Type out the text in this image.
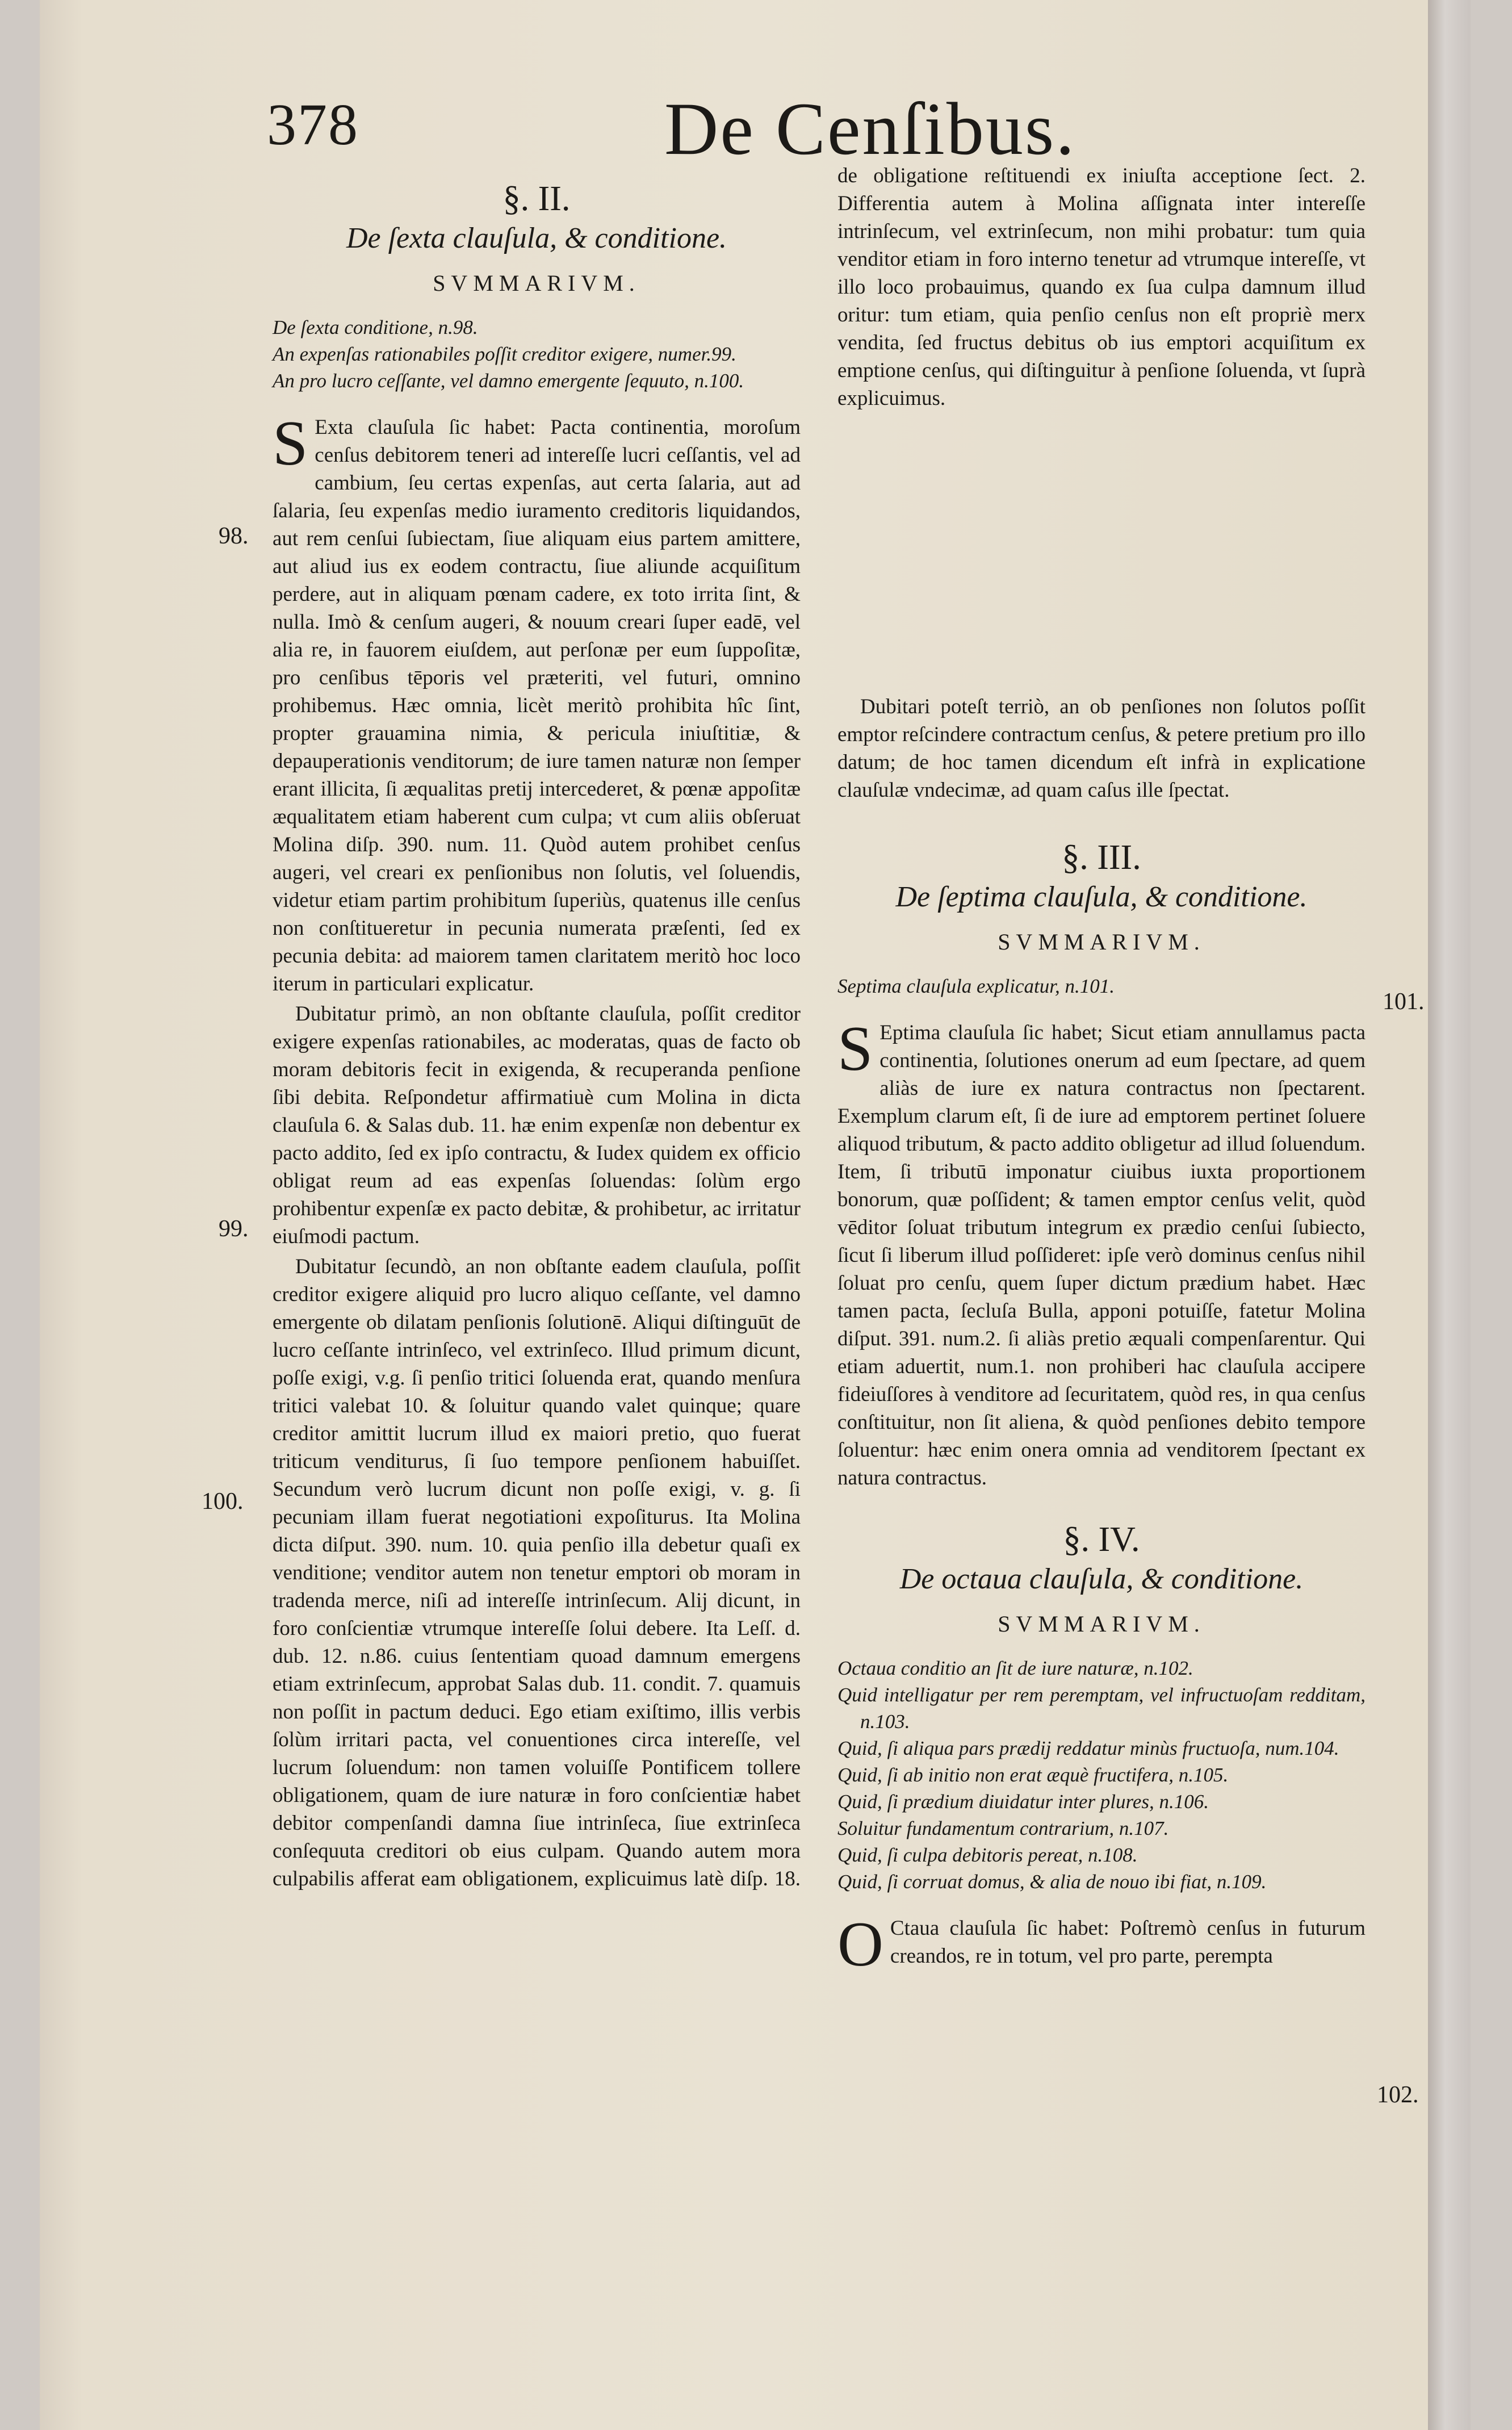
378	De Cenſibus.
98.
99.
100.
101.
102.
§. II.
De ſexta clauſula, & conditione.
SVMMARIVM.
De ſexta conditione, n.98.
An expenſas rationabiles poſſit creditor exigere, numer.99.
An pro lucro ceſſante, vel damno emergente ſequuto, n.100.

S Exta clauſula ſic habet: Pacta continentia, moroſum cenſus debitorem teneri ad intereſſe lucri ceſſantis, vel ad cambium, ſeu certas expenſas, aut certa ſalaria, aut ad ſalaria, ſeu expenſas medio iuramento creditoris liquidandos, aut rem cenſui ſubiectam, ſiue aliquam eius partem amittere, aut aliud ius ex eodem contractu, ſiue aliunde acquiſitum perdere, aut in aliquam pœnam cadere, ex toto irrita ſint, & nulla. Imò & cenſum augeri, & nouum creari ſuper eadē, vel alia re, in fauorem eiuſdem, aut perſonæ per eum ſuppoſitæ, pro cenſibus tēporis vel præteriti, vel futuri, omnino prohibemus. Hæc omnia, licèt meritò prohibita hîc ſint, propter grauamina nimia, & pericula iniuſtitiæ, & depauperationis venditorum; de iure tamen naturæ non ſemper erant illicita, ſi æqualitas pretij intercederet, & pœnæ appoſitæ æqualitatem etiam haberent cum culpa; vt cum aliis obſeruat Molina diſp. 390. num. 11. Quòd autem prohibet cenſus augeri, vel creari ex penſionibus non ſolutis, vel ſoluendis, videtur etiam partim prohibitum ſuperiùs, quatenus ille cenſus non conſtitueretur in pecunia numerata præſenti, ſed ex pecunia debita: ad maiorem tamen claritatem meritò hoc loco iterum in particulari explicatur.

Dubitatur primò, an non obſtante clauſula, poſſit creditor exigere expenſas rationabiles, ac moderatas, quas de facto ob moram debitoris fecit in exigenda, & recuperanda penſione ſibi debita. Reſpondetur affirmatiuè cum Molina in dicta clauſula 6. & Salas dub. 11. hæ enim expenſæ non debentur ex pacto addito, ſed ex ipſo contractu, & Iudex quidem ex officio obligat reum ad eas expenſas ſoluendas: ſolùm ergo prohibentur expenſæ ex pacto debitæ, & prohibetur, ac irritatur eiuſmodi pactum.

Dubitatur ſecundò, an non obſtante eadem clauſula, poſſit creditor exigere aliquid pro lucro aliquo ceſſante, vel damno emergente ob dilatam penſionis ſolutionē. Aliqui diſtinguūt de lucro ceſſante intrinſeco, vel extrinſeco. Illud primum dicunt, poſſe exigi, v.g. ſi penſio tritici ſoluenda erat, quando menſura tritici valebat 10. & ſoluitur quando valet quinque; quare creditor amittit lucrum illud ex maiori pretio, quo fuerat triticum venditurus, ſi ſuo tempore penſionem habuiſſet. Secundum verò lucrum dicunt non poſſe exigi, v. g. ſi pecuniam illam fuerat negotiationi expoſiturus. Ita Molina dicta diſput. 390. num. 10. quia penſio illa debetur quaſi ex venditione; venditor autem non tenetur emptori ob moram in tradenda merce, niſi ad intereſſe intrinſecum. Alij dicunt, in foro conſcientiæ vtrumque intereſſe ſolui debere. Ita Leſſ. d. dub. 12. n.86. cuius ſententiam quoad damnum emergens etiam extrinſecum, approbat Salas dub. 11. condit. 7. quamuis non poſſit in pactum deduci. Ego etiam exiſtimo, illis verbis ſolùm irritari pacta, vel conuentiones circa intereſſe, vel lucrum ſoluendum: non tamen voluiſſe Pontificem tollere obligationem, quam de iure naturæ in foro conſcientiæ habet debitor compenſandi damna ſiue intrinſeca, ſiue extrinſeca conſequuta creditori ob eius culpam. Quando autem mora culpabilis afferat eam obligationem, explicuimus latè diſp. 18.

de obligatione reſtituendi ex iniuſta acceptione ſect. 2. Differentia autem à Molina aſſignata inter intereſſe intrinſecum, vel extrinſecum, non mihi probatur: tum quia venditor etiam in foro interno tenetur ad vtrumque intereſſe, vt illo loco probauimus, quando ex ſua culpa damnum illud oritur: tum etiam, quia penſio cenſus non eſt propriè merx vendita, ſed fructus debitus ob ius emptori acquiſitum ex emptione cenſus, qui diſtinguitur à penſione ſoluenda, vt ſuprà explicuimus.

Dubitari poteſt terriò, an ob penſiones non ſolutos poſſit emptor reſcindere contractum cenſus, & petere pretium pro illo datum; de hoc tamen dicendum eſt infrà in explicatione clauſulæ vndecimæ, ad quam caſus ille ſpectat.

§. III.
De ſeptima clauſula, & conditione.
SVMMARIVM.
Septima clauſula explicatur, n.101.

S Eptima clauſula ſic habet; Sicut etiam annullamus pacta continentia, ſolutiones onerum ad eum ſpectare, ad quem aliàs de iure ex natura contractus non ſpectarent. Exemplum clarum eſt, ſi de iure ad emptorem pertinet ſoluere aliquod tributum, & pacto addito obligetur ad illud ſoluendum. Item, ſi tributū imponatur ciuibus iuxta proportionem bonorum, quæ poſſident; & tamen emptor cenſus velit, quòd vēditor ſoluat tributum integrum ex prædio cenſui ſubiecto, ſicut ſi liberum illud poſſideret: ipſe verò dominus cenſus nihil ſoluat pro cenſu, quem ſuper dictum prædium habet. Hæc tamen pacta, ſecluſa Bulla, apponi potuiſſe, fatetur Molina diſput. 391. num.2. ſi aliàs pretio æquali compenſarentur. Qui etiam aduertit, num.1. non prohiberi hac clauſula accipere fideiuſſores à venditore ad ſecuritatem, quòd res, in qua cenſus conſtituitur, non ſit aliena, & quòd penſiones debito tempore ſoluentur: hæc enim onera omnia ad venditorem ſpectant ex natura contractus.

§. IV.
De octaua clauſula, & conditione.
SVMMARIVM.
Octaua conditio an ſit de iure naturæ, n.102.
Quid intelligatur per rem peremptam, vel infructuoſam redditam, n.103.
Quid, ſi aliqua pars prædij reddatur minùs fructuoſa, num.104.
Quid, ſi ab initio non erat æquè fructifera, n.105.
Quid, ſi prædium diuidatur inter plures, n.106.
Soluitur fundamentum contrarium, n.107.
Quid, ſi culpa debitoris pereat, n.108.
Quid, ſi corruat domus, & alia de nouo ibi fiat, n.109.

O Ctaua clauſula ſic habet: Poſtremò cenſus in futurum creandos, re in totum, vel pro parte, perempta
